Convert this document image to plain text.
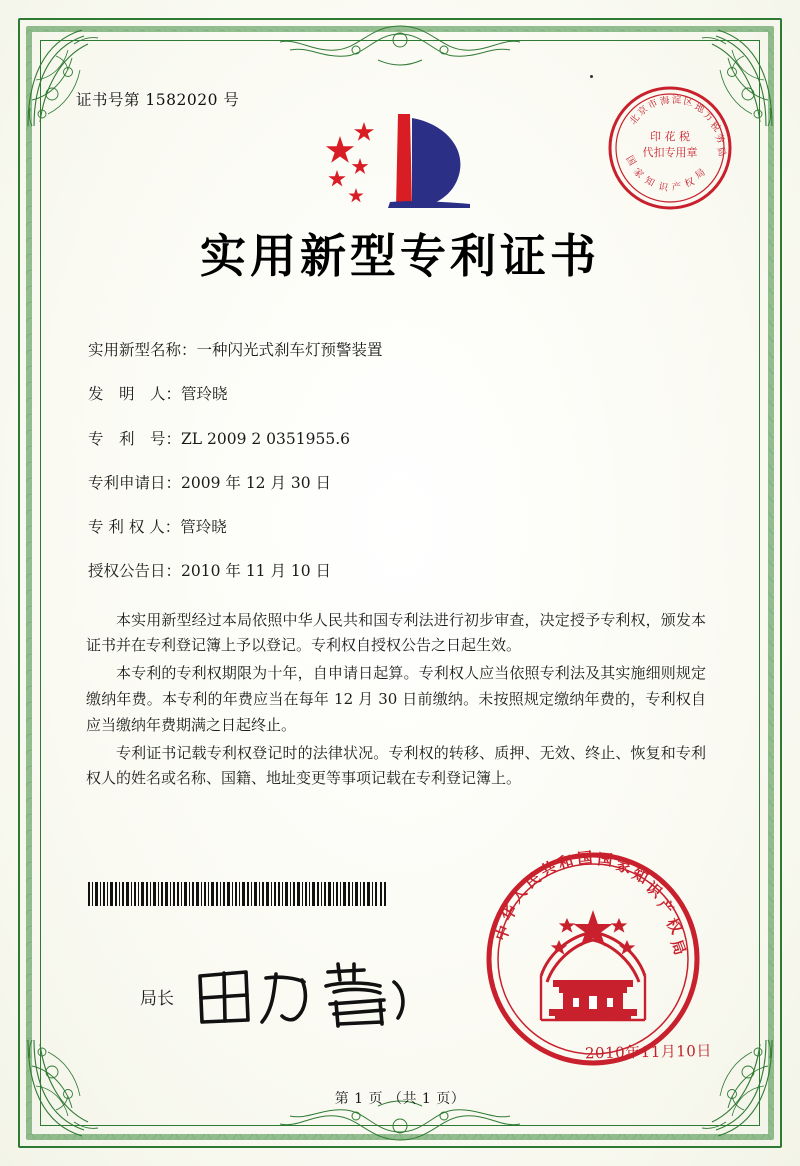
证书号第 1582020 号
实用新型专利证书
实用新型名称：一种闪光式刹车灯预警装置
发　明　人：管玲晓
专　利　号：ZL 2009 2 0351955.6
专利申请日：2009 年 12 月 30 日
专 利 权 人：管玲晓
授权公告日：2010 年 11 月 10 日

本实用新型经过本局依照中华人民共和国专利法进行初步审查，决定授予专利权，颁发本证书并在专利登记簿上予以登记。专利权自授权公告之日起生效。

本专利的专利权期限为十年，自申请日起算。专利权人应当依照专利法及其实施细则规定缴纳年费。本专利的年费应当在每年 12 月 30 日前缴纳。未按照规定缴纳年费的，专利权自应当缴纳年费期满之日起终止。

专利证书记载专利权登记时的法律状况。专利权的转移、质押、无效、终止、恢复和专利权人的姓名或名称、国籍、地址变更等事项记载在专利登记簿上。

局长
北
京
市 海 淀 区 地
方
税
务
局
印 花 税
代扣专用章
国
家
知 识 产 权
局
中
华
人
民
共
和 国 国 家
知
识
产
权
局
2010年11月10日
第 1 页 （共 1 页）
